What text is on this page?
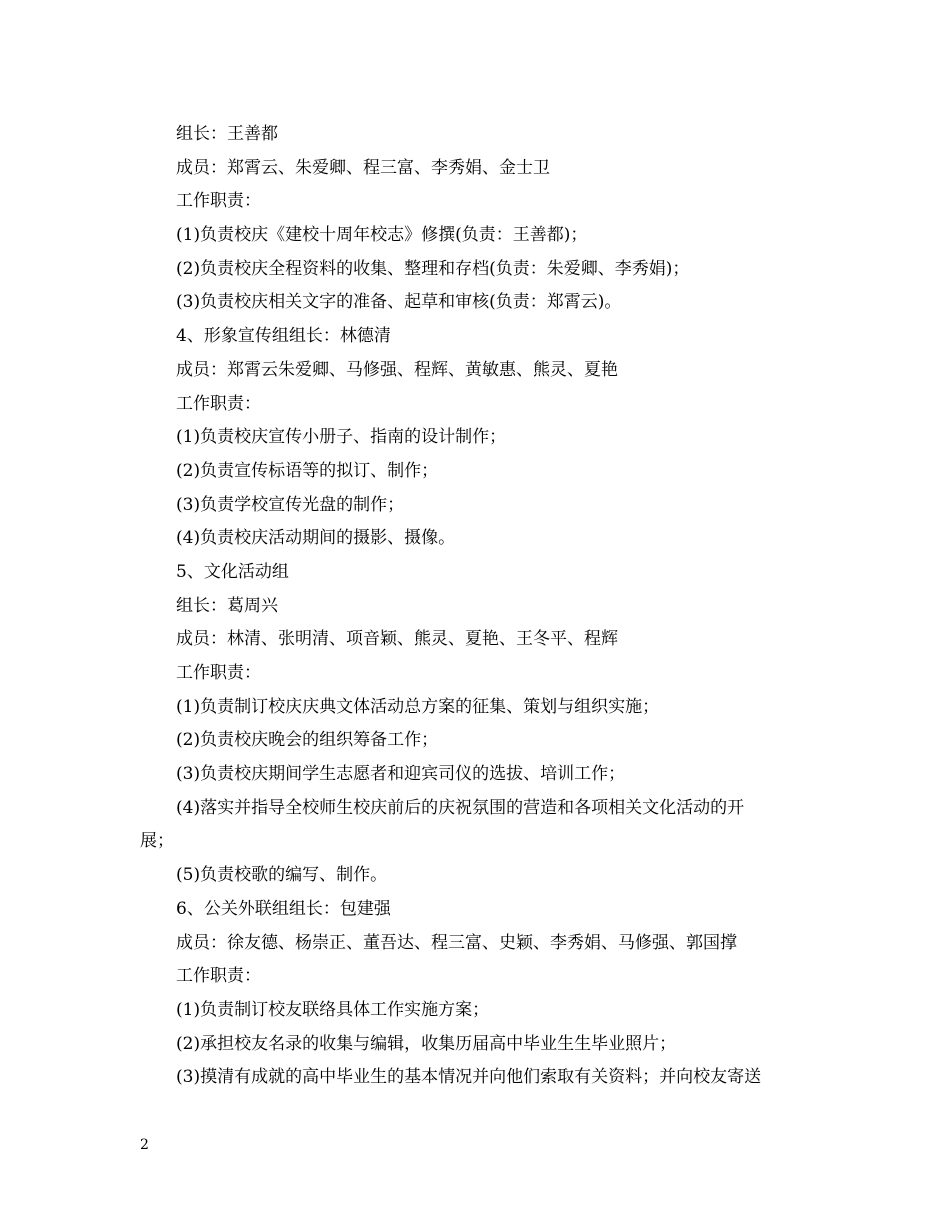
组长：王善都
成员：郑霄云、朱爱卿、程三富、李秀娟、金士卫
工作职责：
(1)负责校庆《建校十周年校志》修撰(负责：王善都)；
(2)负责校庆全程资料的收集、整理和存档(负责：朱爱卿、李秀娟)；
(3)负责校庆相关文字的准备、起草和审核(负责：郑霄云)。
4、形象宣传组组长：林德清
成员：郑霄云朱爱卿、马修强、程辉、黄敏惠、熊灵、夏艳
工作职责：
(1)负责校庆宣传小册子、指南的设计制作；
(2)负责宣传标语等的拟订、制作；
(3)负责学校宣传光盘的制作；
(4)负责校庆活动期间的摄影、摄像。
5、文化活动组
组长：葛周兴
成员：林清、张明清、项音颖、熊灵、夏艳、王冬平、程辉
工作职责：
(1)负责制订校庆庆典文体活动总方案的征集、策划与组织实施；
(2)负责校庆晚会的组织筹备工作；
(3)负责校庆期间学生志愿者和迎宾司仪的选拔、培训工作；
(4)落实并指导全校师生校庆前后的庆祝氛围的营造和各项相关文化活动的开
展；
(5)负责校歌的编写、制作。
6、公关外联组组长：包建强
成员：徐友德、杨崇正、董吾达、程三富、史颖、李秀娟、马修强、郭国撑
工作职责：
(1)负责制订校友联络具体工作实施方案；
(2)承担校友名录的收集与编辑，收集历届高中毕业生生毕业照片；
(3)摸清有成就的高中毕业生的基本情况并向他们索取有关资料；并向校友寄送
2
